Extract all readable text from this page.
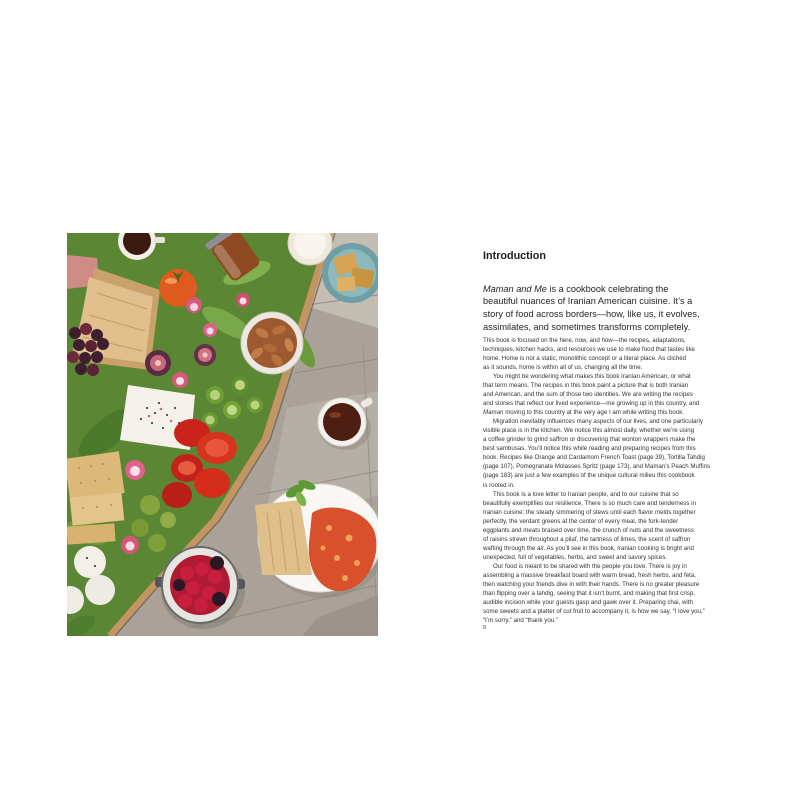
Introduction
Maman and Me is a cookbook celebrating the
beautiful nuances of Iranian American cuisine. It’s a
story of food across borders—how, like us, it evolves,
assimilates, and sometimes transforms completely.

This book is focused on the here, now, and how—the recipes, adaptations,
techniques, kitchen hacks, and resources we use to make food that tastes like
home. Home is not a static, monolithic concept or a literal place. As clichéd
as it sounds, home is within all of us, changing all the time.

You might be wondering what makes this book Iranian American, or what
that term means. The recipes in this book paint a picture that is both Iranian
and American, and the sum of those two identities. We are writing the recipes
and stories that reflect our lived experience—me growing up in this country, and
Maman moving to this country at the very age I am while writing this book.

Migration inevitably influences many aspects of our lives, and one particularly
visible place is in the kitchen. We notice this almost daily, whether we’re using
a coffee grinder to grind saffron or discovering that wonton wrappers make the
best sambusas. You’ll notice this while reading and preparing recipes from this
book. Recipes like Orange and Cardamom French Toast (page 39), Tortilla Tahdig
(page 107), Pomegranate Molasses Spritz (page 173), and Maman’s Peach Muffins
(page 183) are just a few examples of the unique cultural milieu this cookbook
is rooted in.

This book is a love letter to Iranian people, and to our cuisine that so
beautifully exemplifies our resilience. There is so much care and tenderness in
Iranian cuisine: the steady simmering of stews until each flavor melds together
perfectly, the verdant greens at the center of every meal, the fork-tender
eggplants and meats braised over time, the crunch of nuts and the sweetness
of raisins strewn throughout a pilaf, the tartness of limes, the scent of saffron
wafting through the air. As you’ll see in this book, Iranian cooking is bright and
unexpected, full of vegetables, herbs, and sweet and savory spices.

Our food is meant to be shared with the people you love. There is joy in
assembling a massive breakfast board with warm bread, fresh herbs, and feta,
then watching your friends dive in with their hands. There is no greater pleasure
than flipping over a tahdig, seeing that it isn’t burnt, and making that first crisp,
audible incision while your guests gasp and gawk over it. Preparing chai, with
some sweets and a platter of cut fruit to accompany it, is how we say, “I love you,”
“I’m sorry,” and “thank you.”

9
